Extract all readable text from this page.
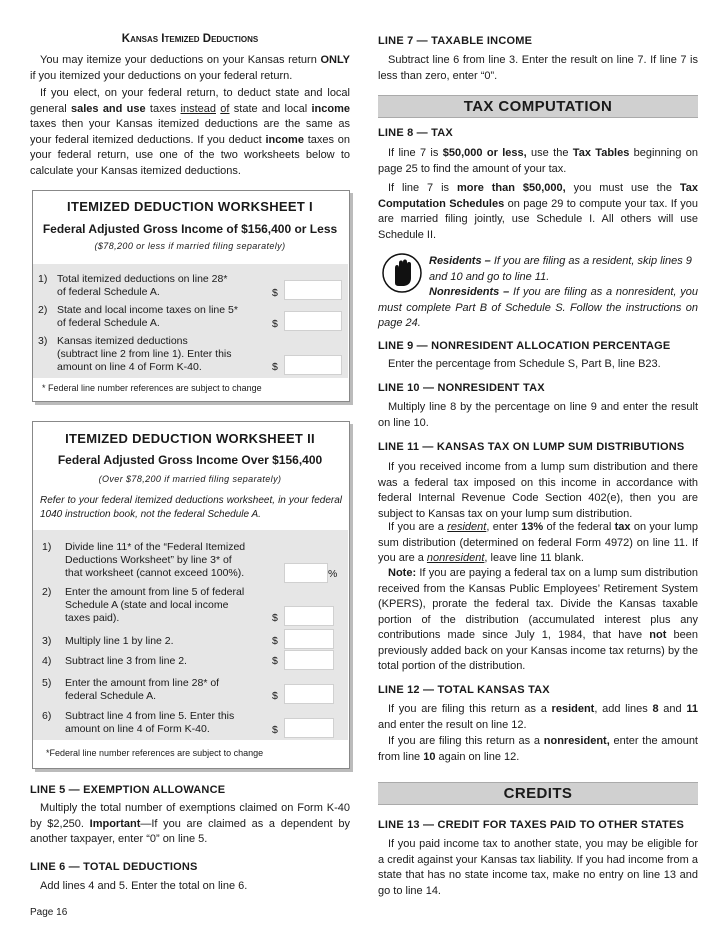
Kansas Itemized Deductions

You may itemize your deductions on your Kansas return ONLY if you itemized your deductions on your federal return.

If you elect, on your federal return, to deduct state and local general sales and use taxes instead of state and local income taxes then your Kansas itemized deductions are the same as your federal itemized deductions. If you deduct income taxes on your federal return, use one of the two worksheets below to calculate your Kansas itemized deductions.

ITEMIZED DEDUCTION WORKSHEET I
Federal Adjusted Gross Income of $156,400 or Less
($78,200 or less if married filing separately)
1) Total itemized deductions on line 28*
of federal Schedule A.	$
2) State and local income taxes on line 5*
of federal Schedule A.	$
3) Kansas itemized deductions
(subtract line 2 from line 1). Enter this
amount on line 4 of Form K-40.	$
* Federal line number references are subject to change
ITEMIZED DEDUCTION WORKSHEET II
Federal Adjusted Gross Income Over $156,400
(Over $78,200 if married filing separately)

Refer to your federal itemized deductions worksheet, in your federal 1040 instruction book, not the federal Schedule A.

1) Divide line 11* of the “Federal Itemized
Deductions Worksheet” by line 3* of
that worksheet (cannot exceed 100%).	%
2) Enter the amount from line 5 of federal
Schedule A (state and local income
taxes paid).	$
3) Multiply line 1 by line 2.	$
4) Subtract line 3 from line 2.	$
5) Enter the amount from line 28* of
federal Schedule A.	$
6) Subtract line 4 from line 5. Enter this
amount on line 4 of Form K-40.	$
*Federal line number references are subject to change
LINE 5 — EXEMPTION ALLOWANCE

Multiply the total number of exemptions claimed on Form K-40 by $2,250. Important—If you are claimed as a dependent by another taxpayer, enter “0” on line 5.

LINE 6 — TOTAL DEDUCTIONS

Add lines 4 and 5. Enter the total on line 6.

Page 16
LINE 7 — TAXABLE INCOME

Subtract line 6 from line 3. Enter the result on line 7. If line 7 is less than zero, enter “0”.

TAX COMPUTATION
LINE 8 — TAX

If line 7 is $50,000 or less, use the Tax Tables beginning on page 25 to find the amount of your tax.

If line 7 is more than $50,000, you must use the Tax Computation Schedules on page 29 to compute your tax. If you are married filing jointly, use Schedule I. All others will use Schedule II.

Residents – If you are filing as a resident, skip lines 9 and 10 and go to line 11.

Nonresidents – If you are filing as a nonresident, you must complete Part B of Schedule S. Follow the instructions on page 24.

LINE 9 — NONRESIDENT ALLOCATION PERCENTAGE

Enter the percentage from Schedule S, Part B, line B23.

LINE 10 — NONRESIDENT TAX

Multiply line 8 by the percentage on line 9 and enter the result on line 10.

LINE 11 — KANSAS TAX ON LUMP SUM DISTRIBUTIONS

If you received income from a lump sum distribution and there was a federal tax imposed on this income in accordance with federal Internal Revenue Code Section 402(e), then you are subject to Kansas tax on your lump sum distribution.

If you are a resident, enter 13% of the federal tax on your lump sum distribution (determined on federal Form 4972) on line 11. If you are a nonresident, leave line 11 blank.

Note: If you are paying a federal tax on a lump sum distribution received from the Kansas Public Employees’ Retirement System (KPERS), prorate the federal tax. Divide the Kansas taxable portion of the distribution (accumulated interest plus any contributions made since July 1, 1984, that have not been previously added back on your Kansas income tax returns) by the total portion of the distribution.

LINE 12 — TOTAL KANSAS TAX

If you are filing this return as a resident, add lines 8 and 11 and enter the result on line 12.

If you are filing this return as a nonresident, enter the amount from line 10 again on line 12.

CREDITS
LINE 13 — CREDIT FOR TAXES PAID TO OTHER STATES

If you paid income tax to another state, you may be eligible for a credit against your Kansas tax liability. If you had income from a state that has no state income tax, make no entry on line 13 and go to line 14.
